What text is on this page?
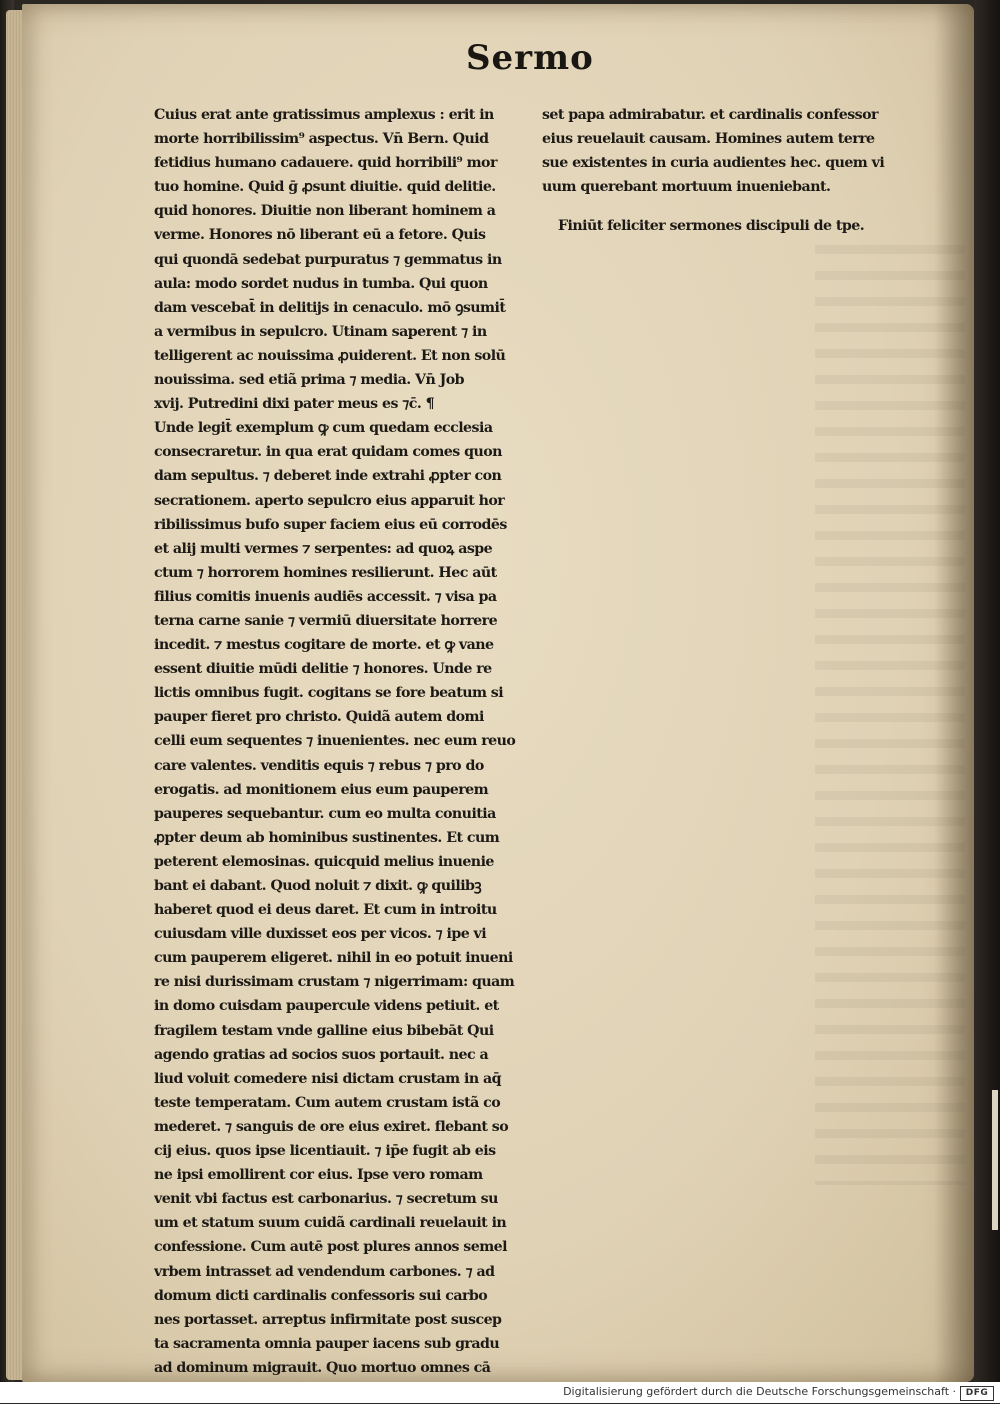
Sermo
Cuius erat ante gratissimus amplexus : erit in
morte horribilissim⁹ aspectus. Vn̄ Bern. Quid
fetidius humano cadauere. quid horribili⁹ mor
tuo homine. Quid ḡ ꝓsunt diuitie. quid delitie.
quid honores. Diuitie non liberant hominem a
verme. Honores nō liberant eū a fetore. Quis
qui quondā sedebat purpuratus ⁊ gemmatus in
aula: modo sordet nudus in tumba. Qui quon
dam vescebat̄ in delitijs in cenaculo. mō ꝯsumit̄
a vermibus in sepulcro. Utinam saperent ⁊ in
telligerent ac nouissima ꝓuiderent. Et non solū
nouissima. sed etiã prima ⁊ media. Vn̄ Job
xvij. Putredini dixi pater meus es ⁊c̄. ¶
Unde legit̄ exemplum ꝙ cum quedam ecclesia
consecraretur. in qua erat quidam comes quon
dam sepultus. ⁊ deberet inde extrahi ꝓpter con
secrationem. aperto sepulcro eius apparuit hor
ribilissimus bufo super faciem eius eū corrodēs
et alij multi vermes ⁊ serpentes: ad quoꝝ aspe
ctum ⁊ horrorem homines resilierunt. Hec aūt
filius comitis inuenis audiēs accessit. ⁊ visa pa
terna carne sanie ⁊ vermiū diuersitate horrere
incedit. ⁊ mestus cogitare de morte. et ꝙ vane
essent diuitie mūdi delitie ⁊ honores. Unde re
lictis omnibus fugit. cogitans se fore beatum si
pauper fieret pro christo. Quidã autem domi
celli eum sequentes ⁊ inuenientes. nec eum reuo
care valentes. venditis equis ⁊ rebus ⁊ pro do
erogatis. ad monitionem eius eum pauperem
pauperes sequebantur. cum eo multa conuitia
ꝓpter deum ab hominibus sustinentes. Et cum
peterent elemosinas. quicquid melius inuenie
bant ei dabant. Quod noluit ⁊ dixit. ꝙ quilibꝫ
haberet quod ei deus daret. Et cum in introitu
cuiusdam ville duxisset eos per vicos. ⁊ ipe vi
cum pauperem eligeret. nihil in eo potuit inueni
re nisi durissimam crustam ⁊ nigerrimam: quam
in domo cuisdam paupercule videns petiuit. et
fragilem testam vnde galline eius bibebāt Qui
agendo gratias ad socios suos portauit. nec a
liud voluit comedere nisi dictam crustam in aq̄
teste temperatam. Cum autem crustam istã co
mederet. ⁊ sanguis de ore eius exiret. flebant so
cij eius. quos ipse licentiauit. ⁊ ip̄e fugit ab eis
ne ipsi emollirent cor eius. Ipse vero romam
venit vbi factus est carbonarius. ⁊ secretum su
um et statum suum cuidã cardinali reuelauit in
confessione. Cum autē post plures annos semel
vrbem intrasset ad vendendum carbones. ⁊ ad
domum dicti cardinalis confessoris sui carbo
nes portasset. arreptus infirmitate post suscep
ta sacramenta omnia pauper iacens sub gradu
ad dominum migrauit. Quo mortuo omnes cā
set papa admirabatur. et cardinalis confessor
eius reuelauit causam. Homines autem terre
sue existentes in curia audientes hec. quem vi
uum querebant mortuum inueniebant.

Finiūt feliciter sermones discipuli de tpe.

Digitalisierung gefördert durch die Deutsche Forschungsgemeinschaft ·	DFG
